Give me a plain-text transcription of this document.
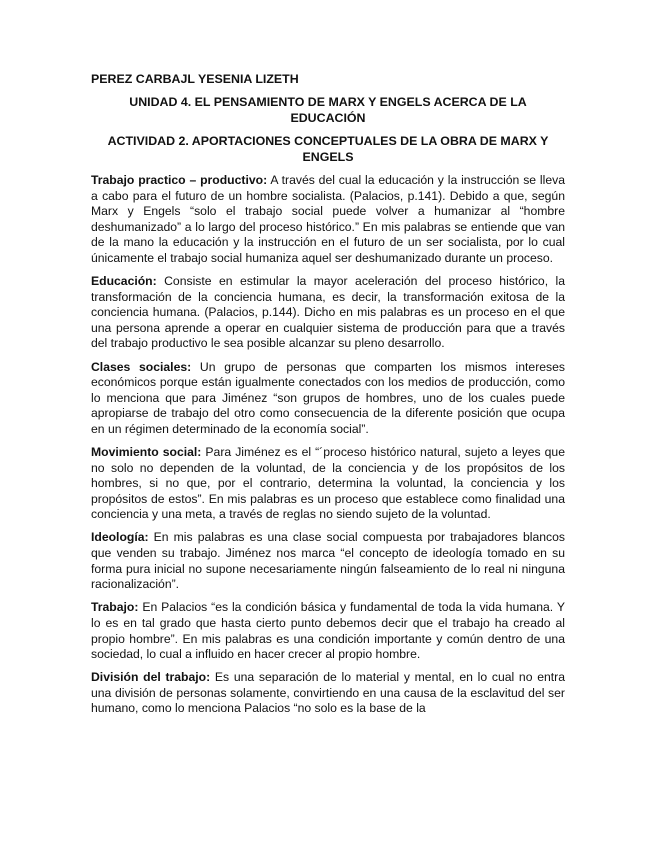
PEREZ CARBAJL YESENIA LIZETH

UNIDAD 4. EL PENSAMIENTO DE MARX Y ENGELS ACERCA DE LA EDUCACIÓN

ACTIVIDAD 2. APORTACIONES CONCEPTUALES DE LA OBRA DE MARX Y ENGELS

Trabajo practico – productivo: A través del cual la educación y la instrucción se lleva a cabo para el futuro de un hombre socialista. (Palacios, p.141). Debido a que, según Marx y Engels “solo el trabajo social puede volver a humanizar al “hombre deshumanizado” a lo largo del proceso histórico.” En mis palabras se entiende que van de la mano la educación y la instrucción en el futuro de un ser socialista, por lo cual únicamente el trabajo social humaniza aquel ser deshumanizado durante un proceso.

Educación: Consiste en estimular la mayor aceleración del proceso histórico, la transformación de la conciencia humana, es decir, la transformación exitosa de la conciencia humana. (Palacios, p.144). Dicho en mis palabras es un proceso en el que una persona aprende a operar en cualquier sistema de producción para que a través del trabajo productivo le sea posible alcanzar su pleno desarrollo.

Clases sociales: Un grupo de personas que comparten los mismos intereses económicos porque están igualmente conectados con los medios de producción, como lo menciona que para Jiménez “son grupos de hombres, uno de los cuales puede apropiarse de trabajo del otro como consecuencia de la diferente posición que ocupa en un régimen determinado de la economía social”.

Movimiento social: Para Jiménez es el “´proceso histórico natural, sujeto a leyes que no solo no dependen de la voluntad, de la conciencia y de los propósitos de los hombres, si no que, por el contrario, determina la voluntad, la conciencia y los propósitos de estos”. En mis palabras es un proceso que establece como finalidad una conciencia y una meta, a través de reglas no siendo sujeto de la voluntad.

Ideología: En mis palabras es una clase social compuesta por trabajadores blancos que venden su trabajo. Jiménez nos marca “el concepto de ideología tomado en su forma pura inicial no supone necesariamente ningún falseamiento de lo real ni ninguna racionalización”.

Trabajo: En Palacios “es la condición básica y fundamental de toda la vida humana. Y lo es en tal grado que hasta cierto punto debemos decir que el trabajo ha creado al propio hombre”. En mis palabras es una condición importante y común dentro de una sociedad, lo cual a influido en hacer crecer al propio hombre.

División del trabajo: Es una separación de lo material y mental, en lo cual no entra una división de personas solamente, convirtiendo en una causa de la esclavitud del ser humano, como lo menciona Palacios “no solo es la base de la
